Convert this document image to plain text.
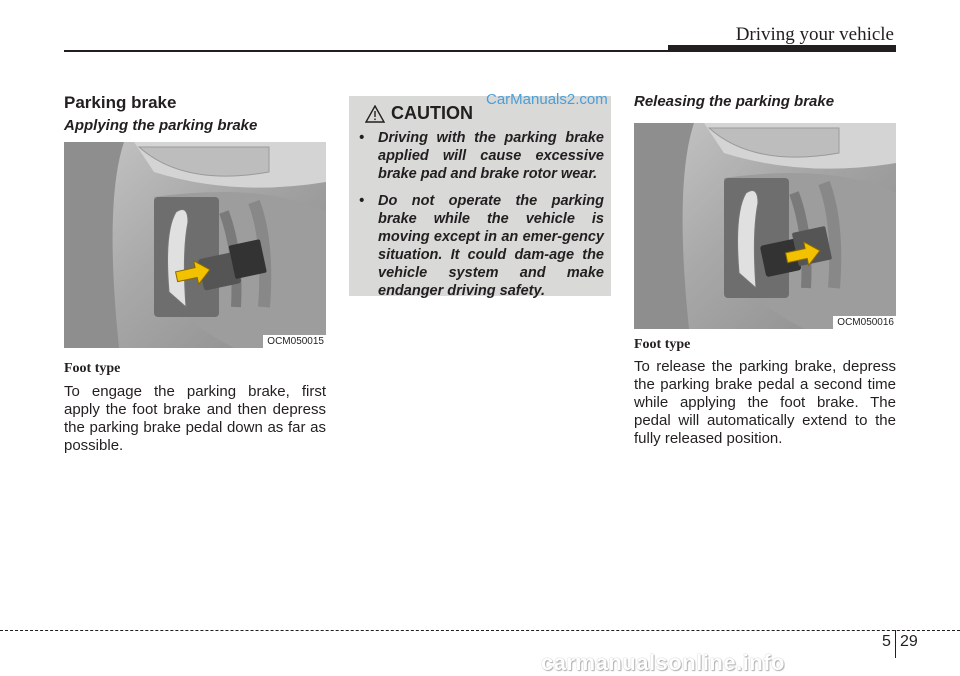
Driving your vehicle
Parking brake
Applying the parking brake
OCM050015
Foot type
To engage the parking brake, first apply the foot brake and then depress the parking brake pedal down as far as possible.
CAUTION
• Driving with the parking brake applied will cause excessive brake pad and brake rotor wear.
• Do not operate the parking brake while the vehicle is moving except in an emer-gency situation. It could dam-age the vehicle system and make endanger driving safety.
CarManuals2.com Releasing the parking brake
OCM050016
Foot type
To release the parking brake, depress the parking brake pedal a second time while applying the foot brake. The pedal will automatically extend to the fully released position.
5 29
carmanualsonline.info
